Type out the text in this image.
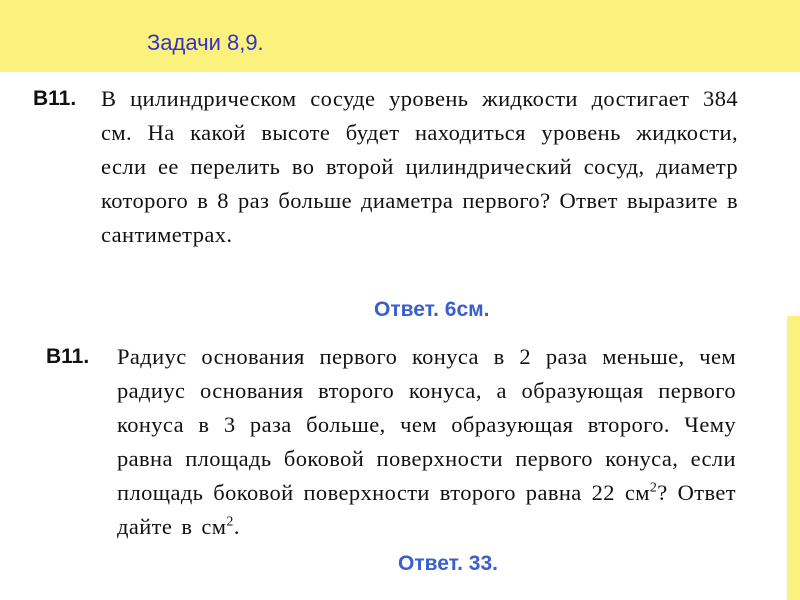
Задачи 8,9.
B11. В цилиндрическом сосуде уровень жидкости достигает 384 см. На какой высоте будет находиться уровень жидкости, если ее перелить во второй цилиндрический сосуд, диаметр которого в 8 раз больше диаметра первого? Ответ выразите в сантиметрах.

Ответ. 6см.
B11. Радиус основания первого конуса в 2 раза меньше, чем радиус основания второго конуса, а образующая первого конуса в 3 раза больше, чем образующая второго. Чему равна площадь боковой поверхности первого конуса, если площадь боковой поверхности второго равна 22 $см^2$? Ответ дайте в $см^2$.

Ответ. 33.
